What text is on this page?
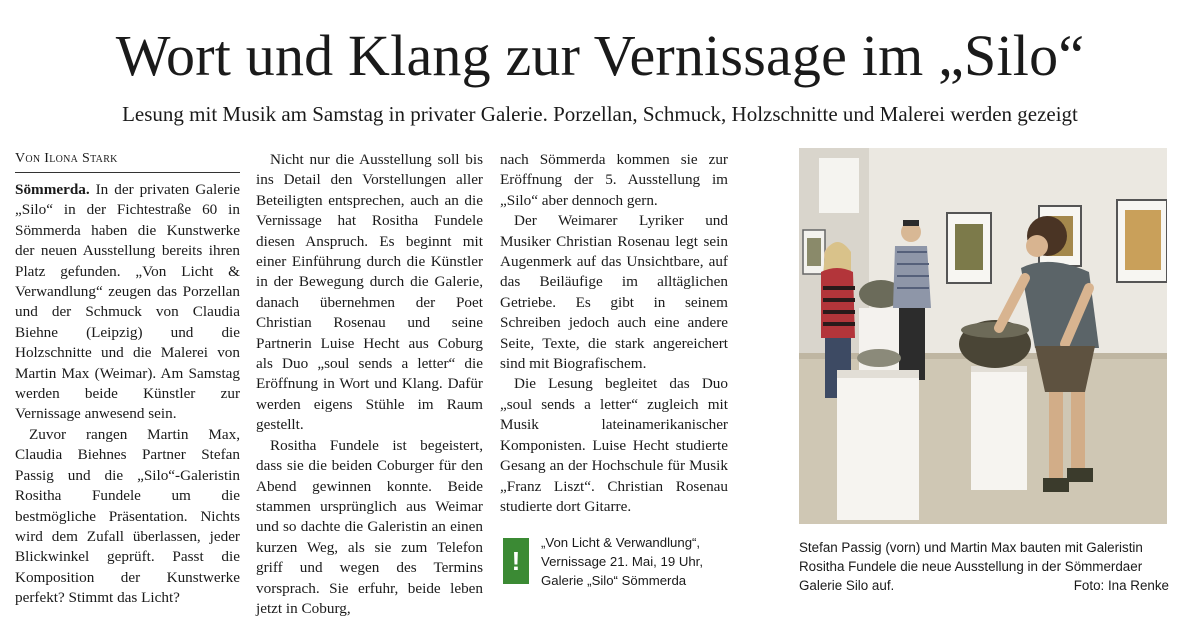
Wort und Klang zur Vernissage im „Silo“
Lesung mit Musik am Samstag in privater Galerie. Porzellan, Schmuck, Holzschnitte und Malerei werden gezeigt
Von Ilona Stark

Sömmerda. In der privaten Galerie „Silo“ in der Fichtestraße 60 in Sömmerda haben die Kunstwerke der neuen Ausstellung bereits ihren Platz gefunden. „Von Licht & Verwandlung“ zeugen das Porzellan und der Schmuck von Claudia Biehne (Leipzig) und die Holzschnitte und die Malerei von Martin Max (Weimar). Am Samstag werden beide Künstler zur Vernissage anwesend sein.

Zuvor rangen Martin Max, Claudia Biehnes Partner Stefan Passig und die „Silo“-Galeristin Rositha Fundele um die bestmögliche Präsentation. Nichts wird dem Zufall überlassen, jeder Blickwinkel geprüft. Passt die Komposition der Kunstwerke perfekt? Stimmt das Licht?

Nicht nur die Ausstellung soll bis ins Detail den Vorstellungen aller Beteiligten entsprechen, auch an die Vernissage hat Rositha Fundele diesen Anspruch. Es beginnt mit einer Einführung durch die Künstler in der Bewegung durch die Galerie, danach übernehmen der Poet Christian Rosenau und seine Partnerin Luise Hecht aus Coburg als Duo „soul sends a letter“ die Eröffnung in Wort und Klang. Dafür werden eigens Stühle im Raum gestellt.

Rositha Fundele ist begeistert, dass sie die beiden Coburger für den Abend gewinnen konnte. Beide stammen ursprünglich aus Weimar und so dachte die Galeristin an einen kurzen Weg, als sie zum Telefon griff und wegen des Termins vorsprach. Sie erfuhr, beide leben jetzt in Coburg,

nach Sömmerda kommen sie zur Eröffnung der 5. Ausstellung im „Silo“ aber dennoch gern.

Der Weimarer Lyriker und Musiker Christian Rosenau legt sein Augenmerk auf das Unsichtbare, auf das Beiläufige im alltäglichen Getriebe. Es gibt in seinem Schreiben jedoch auch eine andere Seite, Texte, die stark angereichert sind mit Biografischem.

Die Lesung begleitet das Duo „soul sends a letter“ zugleich mit Musik lateinamerikanischer Komponisten. Luise Hecht studierte Gesang an der Hochschule für Musik „Franz Liszt“. Christian Rosenau studierte dort Gitarre.

!
„Von Licht & Verwandlung“,
Vernissage 21. Mai, 19 Uhr,
Galerie „Silo“ Sömmerda
Stefan Passig (vorn) und Martin Max bauten mit Galeristin Rositha Fundele die neue Ausstellung in der Sömmerdaer Galerie Silo auf.	Foto: Ina Renke
